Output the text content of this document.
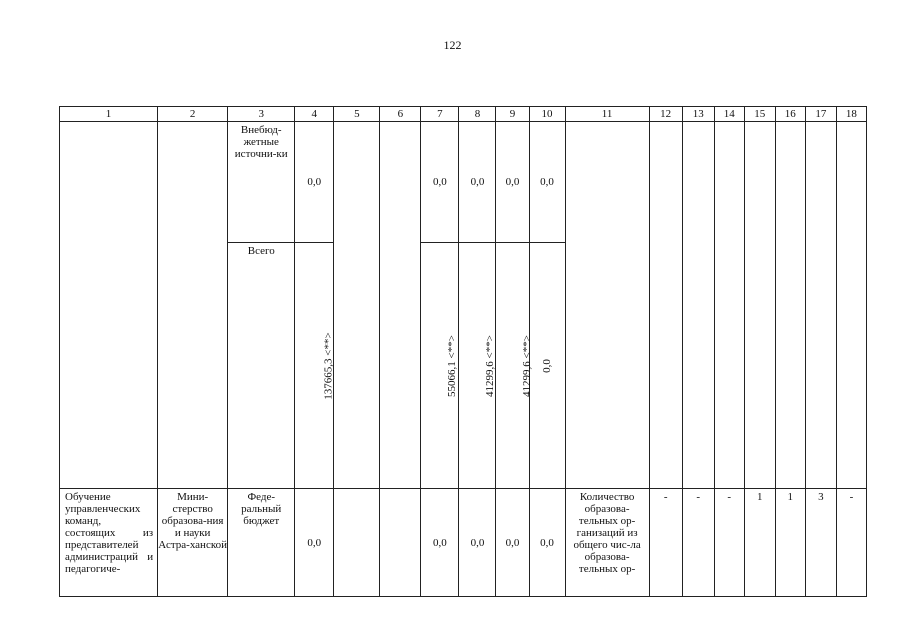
122
1	2	3	4	5	6	7	8	9	10	11	12	13	14	15	16	17	18
		Внебюд-жетные источни-ки	0,0			0,0	0,0	0,0	0,0								
		Всего	137665,3 <**>			55066,1 <**>	41299,6 <**>	41299,6 <**>	0,0								
Обучение управленческих команд, состоящих из представителей администраций и педагогиче-	Мини-стерство образова-ния и науки Астра-ханской	Феде-ральный бюджет	0,0			0,0	0,0	0,0	0,0	Количество образова-тельных ор-ганизаций из общего чис-ла образова-тельных ор-	-	-	-	1	1	3	-
